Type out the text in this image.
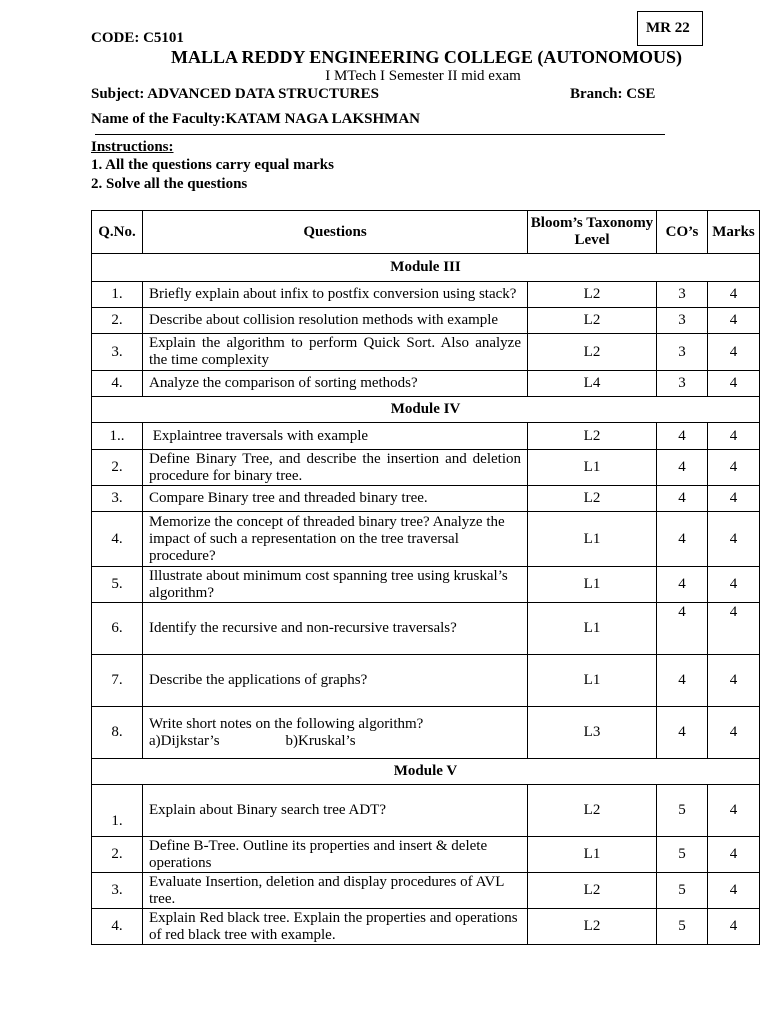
MR 22
CODE: C5101
MALLA REDDY ENGINEERING COLLEGE (AUTONOMOUS)
I MTech I Semester II mid exam
Subject: ADVANCED DATA STRUCTURES	Branch: CSE
Name of the Faculty:KATAM NAGA LAKSHMAN
Instructions:
1. All the questions carry equal marks
2. Solve all the questions
Q.No.	Questions	Bloom’s Taxonomy Level	CO’s	Marks
Module III				
1.	Briefly explain about infix to postfix conversion using stack?	L2	3	4
2.	Describe about collision resolution methods with example	L2	3	4
3.	Explain the algorithm to perform Quick Sort. Also analyze the time complexity	L2	3	4
4.	Analyze the comparison of sorting methods?	L4	3	4
Module IV				
1..	Explaintree traversals with example	L2	4	4
2.	Define Binary Tree, and describe the insertion and deletion procedure for binary tree.	L1	4	4
3.	Compare Binary tree and threaded binary tree.	L2	4	4
4.	Memorize the concept of threaded binary tree? Analyze the impact of such a representation on the tree traversal procedure?	L1	4	4
5.	Illustrate about minimum cost spanning tree using kruskal’s algorithm?	L1	4	4
6.	Identify the recursive and non-recursive traversals?	L1	4	4
7.	Describe the applications of graphs?	L1	4	4
8.	Write short notes on the following algorithm?
a)Dijkstar’s b)Kruskal’s	L3	4	4
Module V				
1.	Explain about Binary search tree ADT?	L2	5	4
2.	Define B-Tree. Outline its properties and insert & delete operations	L1	5	4
3.	Evaluate Insertion, deletion and display procedures of AVL tree.	L2	5	4
4.	Explain Red black tree. Explain the properties and operations of red black tree with example.	L2	5	4
